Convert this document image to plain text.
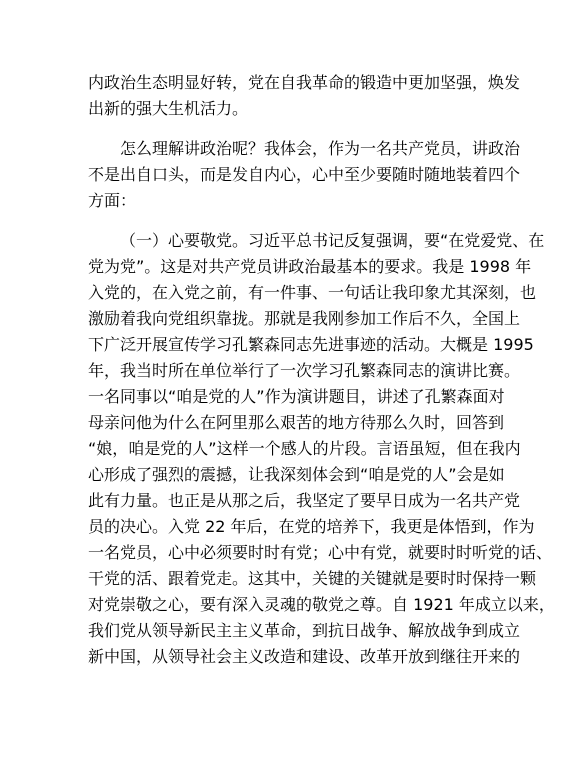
内政治生态明显好转，党在自我革命的锻造中更加坚强，焕发
出新的强大生机活力。
怎么理解讲政治呢？我体会，作为一名共产党员，讲政治
不是出自口头，而是发自内心，心中至少要随时随地装着四个
方面：
（一）心要敬党。习近平总书记反复强调，要“在党爱党、在
党为党”。这是对共产党员讲政治最基本的要求。我是 1998 年
入党的，在入党之前，有一件事、一句话让我印象尤其深刻，也
激励着我向党组织靠拢。那就是我刚参加工作后不久，全国上
下广泛开展宣传学习孔繁森同志先进事迹的活动。大概是 1995
年，我当时所在单位举行了一次学习孔繁森同志的演讲比赛。
一名同事以“咱是党的人”作为演讲题目，讲述了孔繁森面对
母亲问他为什么在阿里那么艰苦的地方待那么久时，回答到
“娘，咱是党的人”这样一个感人的片段。言语虽短，但在我内
心形成了强烈的震撼，让我深刻体会到“咱是党的人”会是如
此有力量。也正是从那之后，我坚定了要早日成为一名共产党
员的决心。入党 22 年后，在党的培养下，我更是体悟到，作为
一名党员，心中必须要时时有党；心中有党，就要时时听党的话、
干党的活、跟着党走。这其中，关键的关键就是要时时保持一颗
对党崇敬之心，要有深入灵魂的敬党之尊。自 1921 年成立以来，
我们党从领导新民主主义革命，到抗日战争、解放战争到成立
新中国，从领导社会主义改造和建设、改革开放到继往开来的
